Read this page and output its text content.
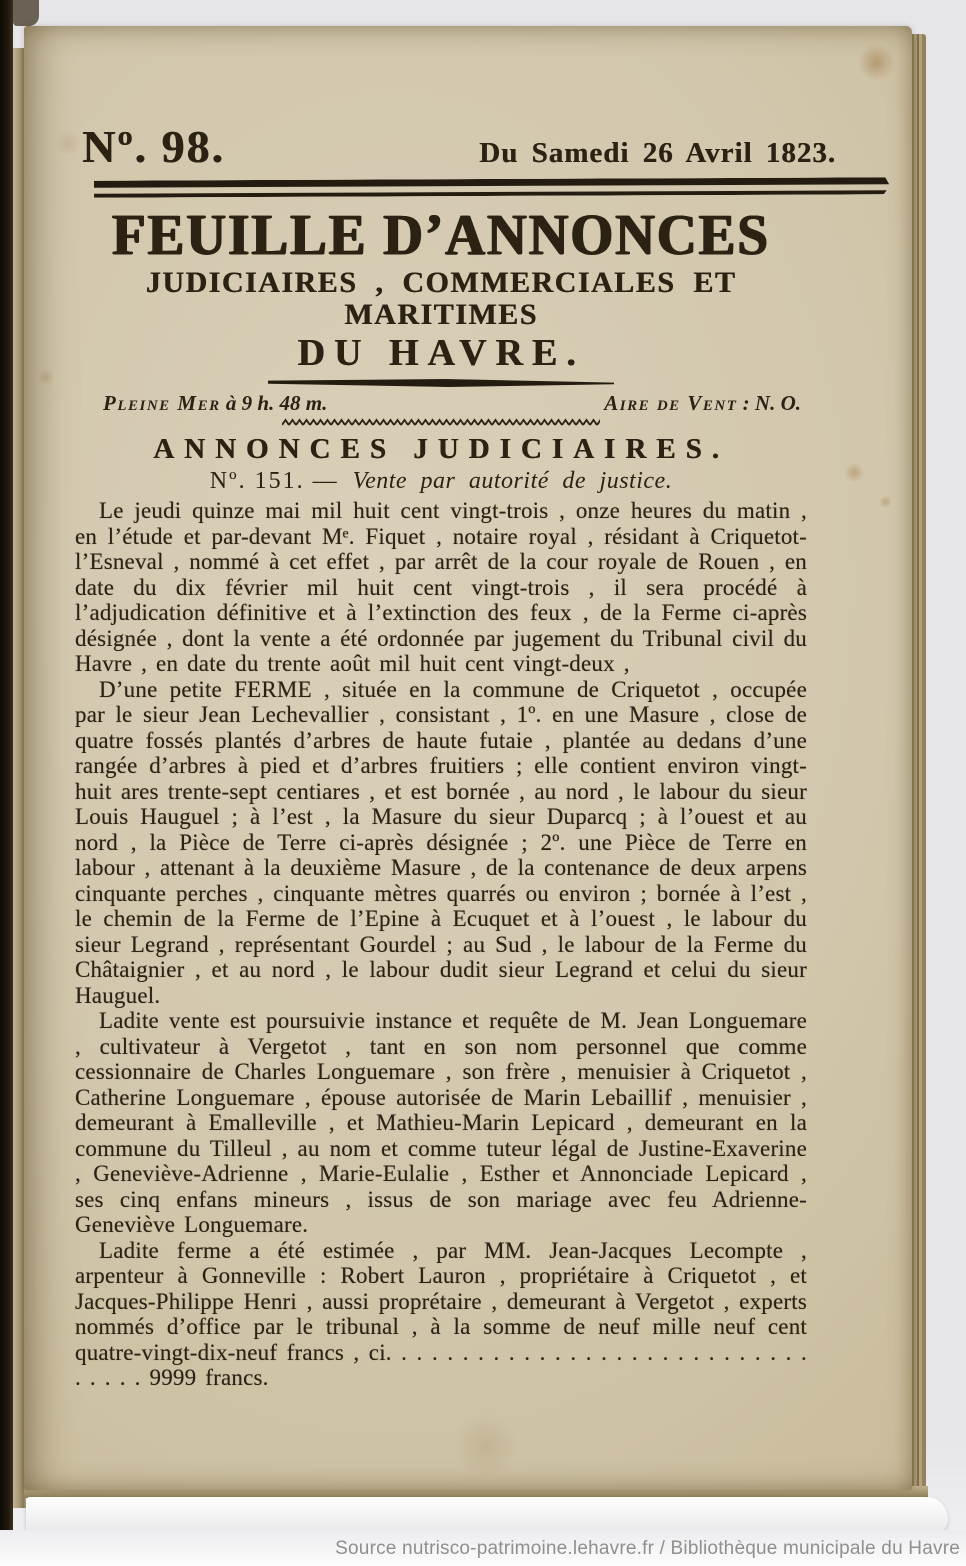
Nº. 98.	Du Samedi 26 Avril 1823.
FEUILLE D’ANNONCES
JUDICIAIRES , COMMERCIALES ET MARITIMES
DU HAVRE.
Pleine Mer à 9 h. 48 m.	Aire de Vent : N. O.
ANNONCES JUDICIAIRES.
Nº. 151. — Vente par autorité de justice.

Le jeudi quinze mai mil huit cent vingt-trois , onze heures du matin , en l’étude et par-devant Mᵉ. Fiquet , notaire royal , résidant à Criquetot-l’Esneval , nommé à cet effet , par arrêt de la cour royale de Rouen , en date du dix février mil huit cent vingt-trois , il sera procédé à l’adjudication définitive et à l’extinction des feux , de la Ferme ci-après désignée , dont la vente a été ordonnée par jugement du Tribunal civil du Havre , en date du trente août mil huit cent vingt-deux ,

D’une petite FERME , située en la commune de Criquetot , occupée par le sieur Jean Lechevallier , consistant , 1º. en une Masure , close de quatre fossés plantés d’arbres de haute futaie , plantée au dedans d’une rangée d’arbres à pied et d’arbres fruitiers ; elle contient environ vingt-huit ares trente-sept centiares , et est bornée , au nord , le labour du sieur Louis Hauguel ; à l’est , la Masure du sieur Duparcq ; à l’ouest et au nord , la Pièce de Terre ci-après désignée ; 2º. une Pièce de Terre en labour , attenant à la deuxième Masure , de la contenance de deux arpens cinquante perches , cinquante mètres quarrés ou environ ; bornée à l’est , le chemin de la Ferme de l’Epine à Ecuquet et à l’ouest , le labour du sieur Legrand , représentant Gourdel ; au Sud , le labour de la Ferme du Châtaignier , et au nord , le labour dudit sieur Legrand et celui du sieur Hauguel.

Ladite vente est poursuivie instance et requête de M. Jean Longuemare , cultivateur à Vergetot , tant en son nom personnel que comme cessionnaire de Charles Longuemare , son frère , menuisier à Criquetot , Catherine Longuemare , épouse autorisée de Marin Lebaillif , menuisier , demeurant à Emalleville , et Mathieu-Marin Lepicard , demeurant en la commune du Tilleul , au nom et comme tuteur légal de Justine-Exaverine , Geneviève-Adrienne , Marie-Eulalie , Esther et Annonciade Lepicard , ses cinq enfans mineurs , issus de son mariage avec feu Adrienne-Geneviève Longuemare.

Ladite ferme a été estimée , par MM. Jean-Jacques Lecompte , arpenteur à Gonneville : Robert Lauron , propriétaire à Criquetot , et Jacques-Philippe Henri , aussi proprétaire , demeurant à Vergetot , experts nommés d’office par le tribunal , à la somme de neuf mille neuf cent quatre-vingt-dix-neuf francs , ci. . . . . . . . . . . . . . . . . . . . . . . . . . . . . . . . . 9999 francs.

Source nutrisco-patrimoine.lehavre.fr / Bibliothèque municipale du Havre
